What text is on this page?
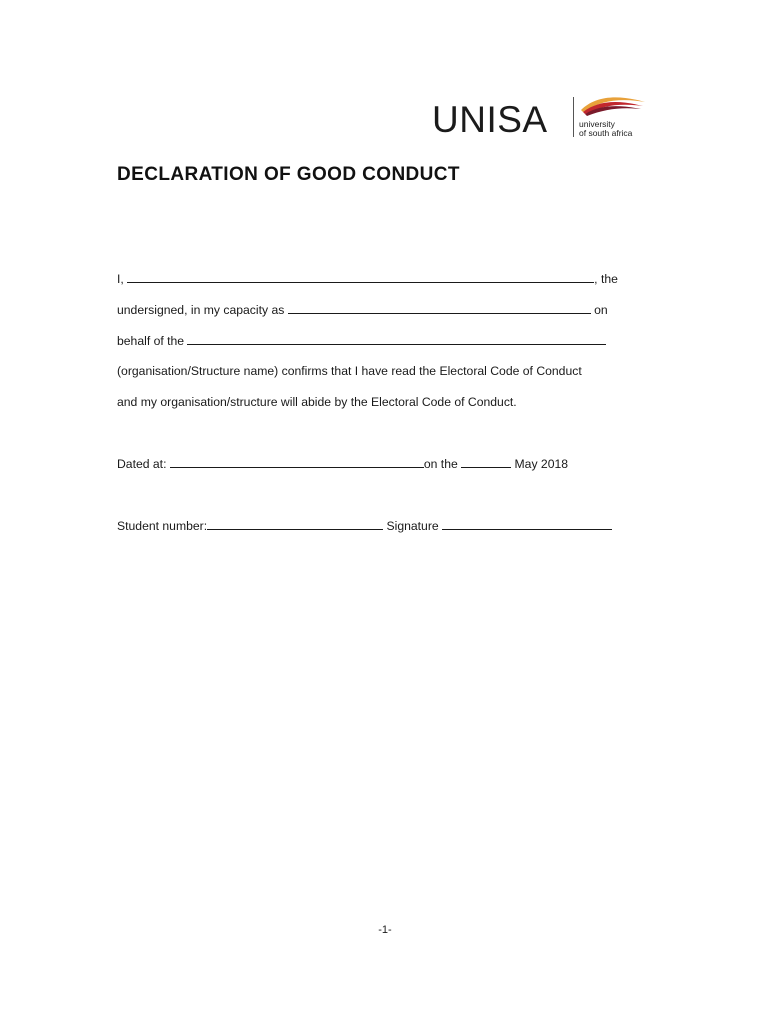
UNISA	university
of south africa
DECLARATION OF GOOD CONDUCT

I,	, the

undersigned, in my capacity as	on

behalf of the

(organisation/Structure name) confirms that I have read the Electoral Code of Conduct

and my organisation/structure will abide by the Electoral Code of Conduct.

Dated at:	on the	May 2018

Student number:	Signature

-1-
